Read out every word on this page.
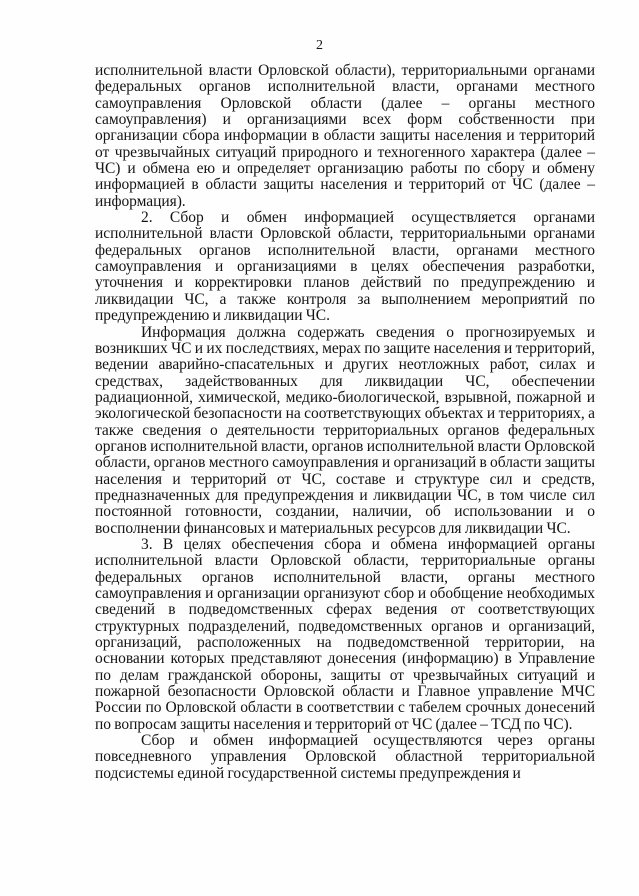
2

исполнительной власти Орловской области), территориальными органами федеральных органов исполнительной власти, органами местного самоуправления Орловской области (далее – органы местного самоуправления) и организациями всех форм собственности при организации сбора информации в области защиты населения и территорий от чрезвычайных ситуаций природного и техногенного характера (далее – ЧС) и обмена ею и определяет организацию работы по сбору и обмену информацией в области защиты населения и территорий от ЧС (далее – информация).

2. Сбор и обмен информацией осуществляется органами исполнительной власти Орловской области, территориальными органами федеральных органов исполнительной власти, органами местного самоуправления и организациями в целях обеспечения разработки, уточнения и корректировки планов действий по предупреждению и ликвидации ЧС, а также контроля за выполнением мероприятий по предупреждению и ликвидации ЧС.

Информация должна содержать сведения о прогнозируемых и возникших ЧС и их последствиях, мерах по защите населения и территорий, ведении аварийно-спасательных и других неотложных работ, силах и средствах, задействованных для ликвидации ЧС, обеспечении радиационной, химической, медико-биологической, взрывной, пожарной и экологической безопасности на соответствующих объектах и территориях, а также сведения о деятельности территориальных органов федеральных органов исполнительной власти, органов исполнительной власти Орловской области, органов местного самоуправления и организаций в области защиты населения и территорий от ЧС, составе и структуре сил и средств, предназначенных для предупреждения и ликвидации ЧС, в том числе сил постоянной готовности, создании, наличии, об использовании и о восполнении финансовых и материальных ресурсов для ликвидации ЧС.

3. В целях обеспечения сбора и обмена информацией органы исполнительной власти Орловской области, территориальные органы федеральных органов исполнительной власти, органы местного самоуправления и организации организуют сбор и обобщение необходимых сведений в подведомственных сферах ведения от соответствующих структурных подразделений, подведомственных органов и организаций, организаций, расположенных на подведомственной территории, на основании которых представляют донесения (информацию) в Управление по делам гражданской обороны, защиты от чрезвычайных ситуаций и пожарной безопасности Орловской области и Главное управление МЧС России по Орловской области в соответствии с табелем срочных донесений по вопросам защиты населения и территорий от ЧС (далее – ТСД по ЧС).

Сбор и обмен информацией осуществляются через органы повседневного управления Орловской областной территориальной подсистемы единой государственной системы предупреждения и
